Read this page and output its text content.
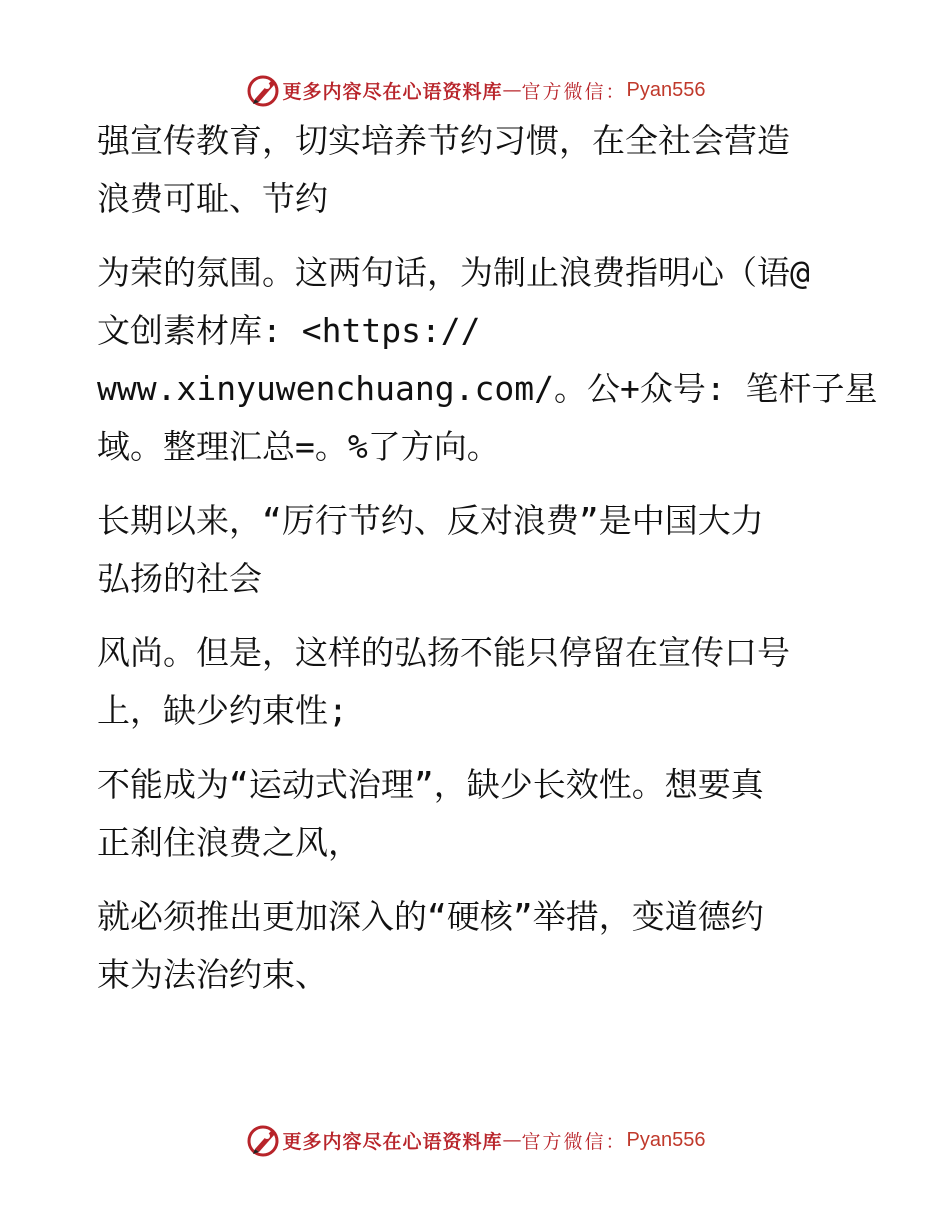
更多内容尽在心语资料库 — 官方微信： Pyan556

强宣传教育，切实培养节约习惯，在全社会营造
浪费可耻、节约

为荣的氛围。这两句话，为制止浪费指明心（语@
文创素材库: <https://
www.xinyuwenchuang.com/。公+众号: 笔杆子星
域。整理汇总=。%了方向。

长期以来，“厉行节约、反对浪费”是中国大力
弘扬的社会

风尚。但是，这样的弘扬不能只停留在宣传口号
上，缺少约束性;

不能成为“运动式治理”，缺少长效性。想要真
正刹住浪费之风，

就必须推出更加深入的“硬核”举措，变道德约
束为法治约束、

更多内容尽在心语资料库 — 官方微信： Pyan556
